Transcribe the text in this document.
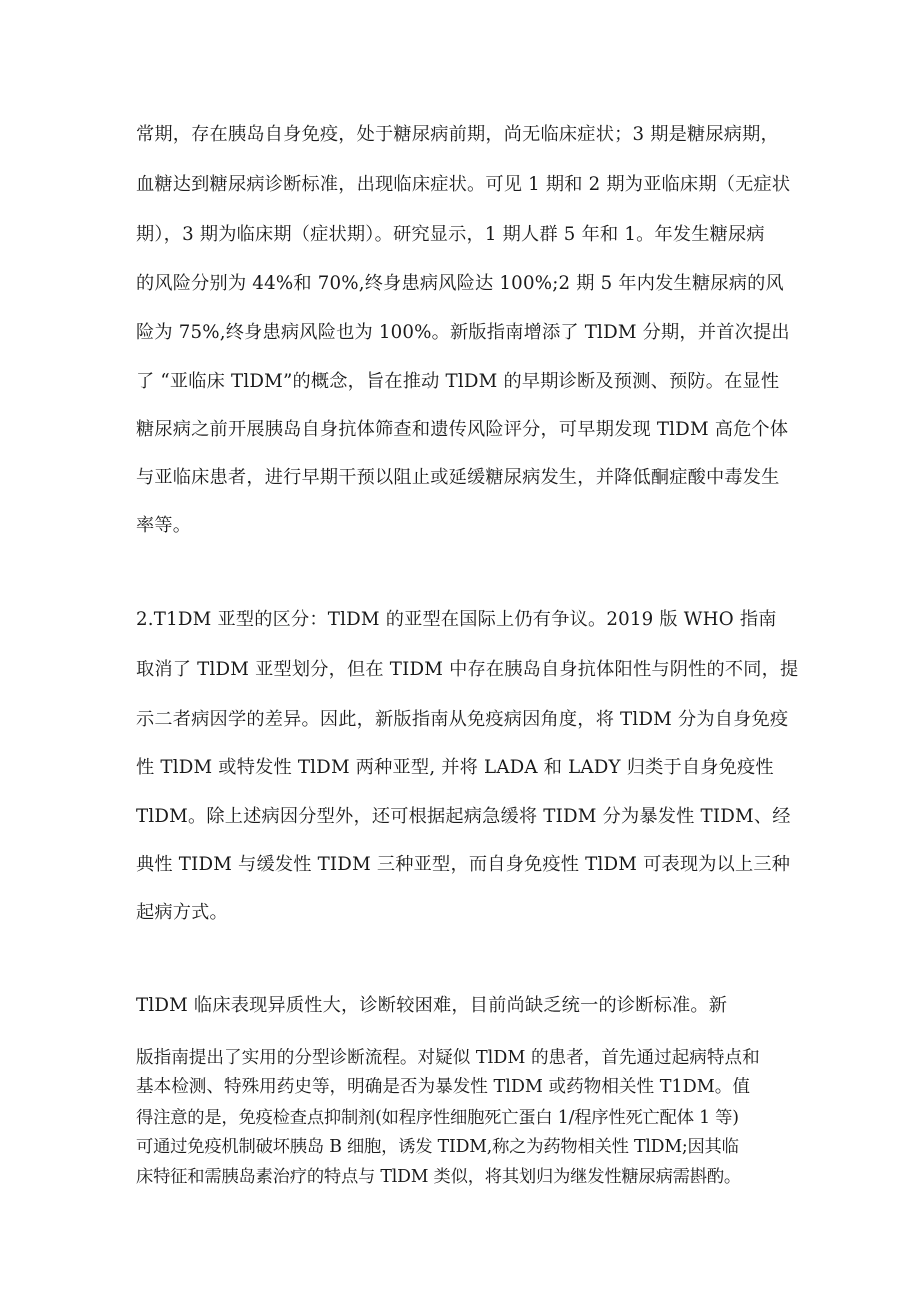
常期，存在胰岛自身免疫，处于糖尿病前期，尚无临床症状；3 期是糖尿病期，
血糖达到糖尿病诊断标准，出现临床症状。可见 1 期和 2 期为亚临床期（无症状
期），3 期为临床期（症状期）。研究显示，1 期人群 5 年和 1。年发生糖尿病
的风险分别为 44%和 70%,终身患病风险达 100%;2 期 5 年内发生糖尿病的风
险为 75%,终身患病风险也为 100%。新版指南增添了 TlDM 分期，并首次提出
了 “亚临床 TlDM”的概念，旨在推动 TlDM 的早期诊断及预测、预防。在显性
糖尿病之前开展胰岛自身抗体筛查和遗传风险评分，可早期发现 TlDM 高危个体
与亚临床患者，进行早期干预以阻止或延缓糖尿病发生，并降低酮症酸中毒发生
率等。
2.T1DM 亚型的区分：TlDM 的亚型在国际上仍有争议。2019 版 WHO 指南
取消了 TlDM 亚型划分，但在 TIDM 中存在胰岛自身抗体阳性与阴性的不同，提
示二者病因学的差异。因此，新版指南从免疫病因角度，将 TlDM 分为自身免疫
性 TlDM 或特发性 TlDM 两种亚型, 并将 LADA 和 LADY 归类于自身免疫性
TlDM。除上述病因分型外，还可根据起病急缓将 TIDM 分为暴发性 TIDM、经
典性 TIDM 与缓发性 TIDM 三种亚型，而自身免疫性 TlDM 可表现为以上三种
起病方式。
TlDM 临床表现异质性大，诊断较困难，目前尚缺乏统一的诊断标准。新
版指南提出了实用的分型诊断流程。对疑似 TlDM 的患者，首先通过起病特点和
基本检测、特殊用药史等，明确是否为暴发性 TlDM 或药物相关性 T1DM。值
得注意的是，免疫检查点抑制剂(如程序性细胞死亡蛋白 1/程序性死亡配体 1 等)
可通过免疫机制破坏胰岛 B 细胞，诱发 TIDM,称之为药物相关性 TlDM;因其临
床特征和需胰岛素治疗的特点与 TlDM 类似，将其划归为继发性糖尿病需斟酌。
